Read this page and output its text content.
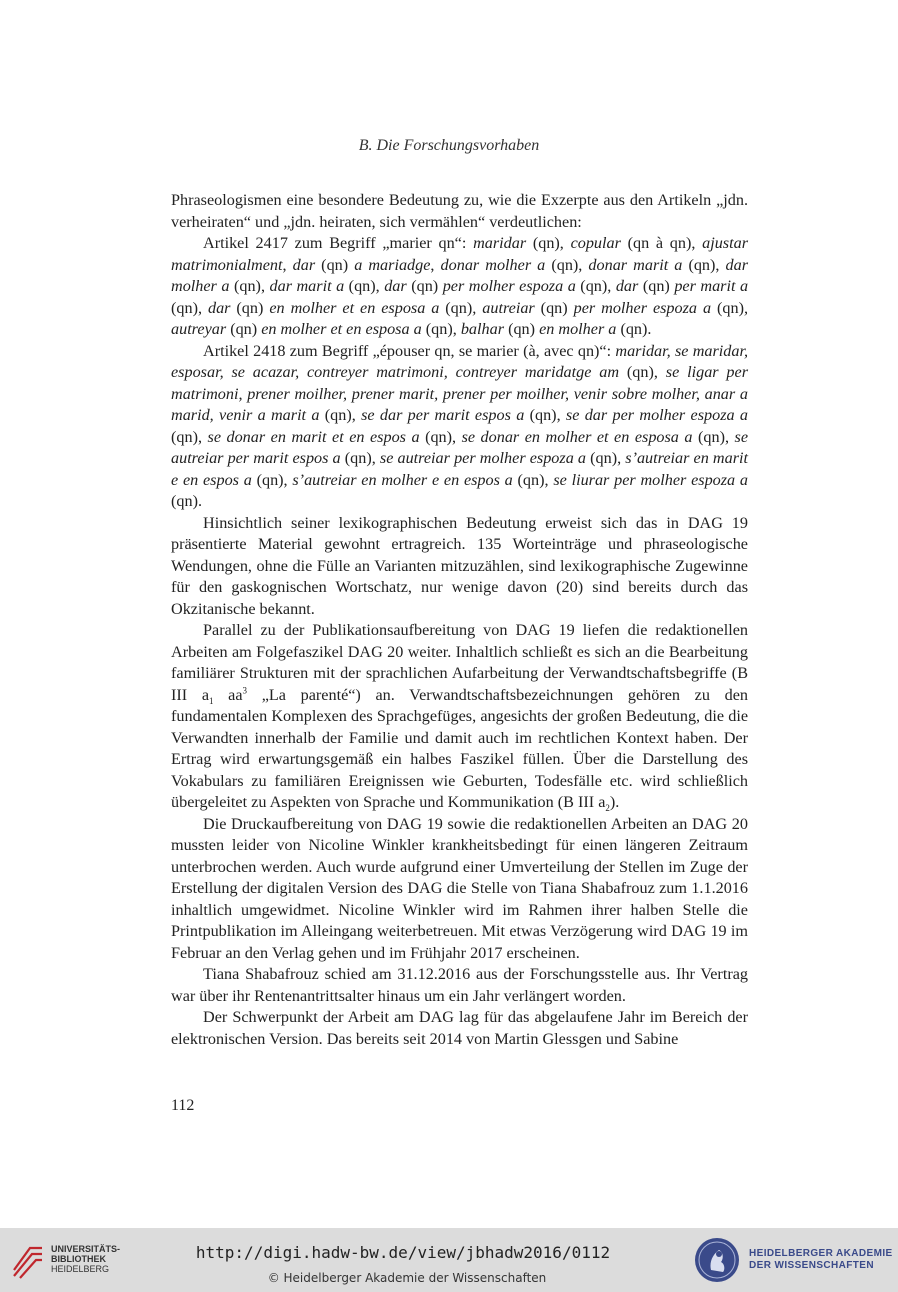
B. Die Forschungsvorhaben

Phraseologismen eine besondere Bedeutung zu, wie die Exzerpte aus den Artikeln „jdn. verheiraten“ und „jdn. heiraten, sich vermählen“ verdeutlichen:

Artikel 2417 zum Begriff „marier qn“: maridar (qn), copular (qn à qn), ajustar matrimonialment, dar (qn) a mariadge, donar molher a (qn), donar marit a (qn), dar molher a (qn), dar marit a (qn), dar (qn) per molher espoza a (qn), dar (qn) per marit a (qn), dar (qn) en molher et en esposa a (qn), autreiar (qn) per molher espoza a (qn), autreyar (qn) en molher et en esposa a (qn), balhar (qn) en molher a (qn).

Artikel 2418 zum Begriff „épouser qn, se marier (à, avec qn)“: maridar, se maridar, esposar, se acazar, contreyer matrimoni, contreyer maridatge am (qn), se ligar per matrimoni, prener moilher, prener marit, prener per moilher, venir sobre molher, anar a marid, venir a marit a (qn), se dar per marit espos a (qn), se dar per molher espoza a (qn), se donar en marit et en espos a (qn), se donar en molher et en esposa a (qn), se autreiar per marit espos a (qn), se autreiar per molher espoza a (qn), s’autreiar en marit e en espos a (qn), s’autreiar en molher e en espos a (qn), se liurar per molher espoza a (qn).

Hinsichtlich seiner lexikographischen Bedeutung erweist sich das in DAG 19 präsentierte Material gewohnt ertragreich. 135 Worteinträge und phraseologische Wendungen, ohne die Fülle an Varianten mitzuzählen, sind lexikographische Zugewinne für den gaskognischen Wortschatz, nur wenige davon (20) sind bereits durch das Okzitanische bekannt.

Parallel zu der Publikationsaufbereitung von DAG 19 liefen die redaktionellen Arbeiten am Folgefaszikel DAG 20 weiter. Inhaltlich schließt es sich an die Bearbeitung familiärer Strukturen mit der sprachlichen Aufarbeitung der Verwandtschaftsbegriffe (B III $a_1$ $aa^3$ „La parenté“) an. Verwandtschaftsbezeichnungen gehören zu den fundamentalen Komplexen des Sprachgefüges, angesichts der großen Bedeutung, die die Verwandten innerhalb der Familie und damit auch im rechtlichen Kontext haben. Der Ertrag wird erwartungsgemäß ein halbes Faszikel füllen. Über die Darstellung des Vokabulars zu familiären Ereignissen wie Geburten, Todesfälle etc. wird schließlich übergeleitet zu Aspekten von Sprache und Kommunikation (B III $a_2$).

Die Druckaufbereitung von DAG 19 sowie die redaktionellen Arbeiten an DAG 20 mussten leider von Nicoline Winkler krankheitsbedingt für einen längeren Zeitraum unterbrochen werden. Auch wurde aufgrund einer Umverteilung der Stellen im Zuge der Erstellung der digitalen Version des DAG die Stelle von Tiana Shabafrouz zum 1.1.2016 inhaltlich umgewidmet. Nicoline Winkler wird im Rahmen ihrer halben Stelle die Printpublikation im Alleingang weiterbetreuen. Mit etwas Verzögerung wird DAG 19 im Februar an den Verlag gehen und im Frühjahr 2017 erscheinen.

Tiana Shabafrouz schied am 31.12.2016 aus der Forschungsstelle aus. Ihr Vertrag war über ihr Rentenantrittsalter hinaus um ein Jahr verlängert worden.

Der Schwerpunkt der Arbeit am DAG lag für das abgelaufene Jahr im Bereich der elektronischen Version. Das bereits seit 2014 von Martin Glessgen und Sabine

112
UNIVERSITÄTS-
BIBLIOTHEK
HEIDELBERG
http://digi.hadw-bw.de/view/jbhadw2016/0112
© Heidelberger Akademie der Wissenschaften
HEIDELBERGER AKADEMIE
DER WISSENSCHAFTEN
